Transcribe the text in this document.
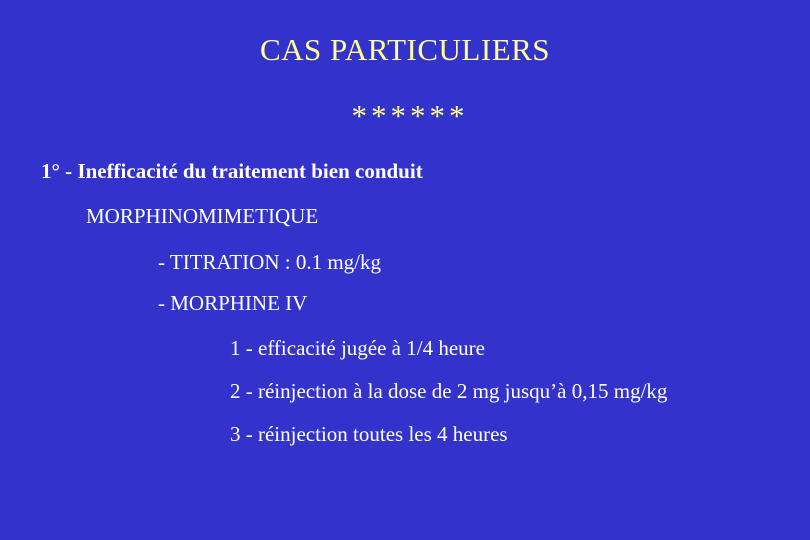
CAS PARTICULIERS
******
1° - Inefficacité du traitement bien conduit
MORPHINOMIMETIQUE
- TITRATION : 0.1 mg/kg
- MORPHINE IV
1 - efficacité jugée à 1/4 heure
2 - réinjection à la dose de 2 mg jusqu’à 0,15 mg/kg
3 - réinjection toutes les 4 heures
